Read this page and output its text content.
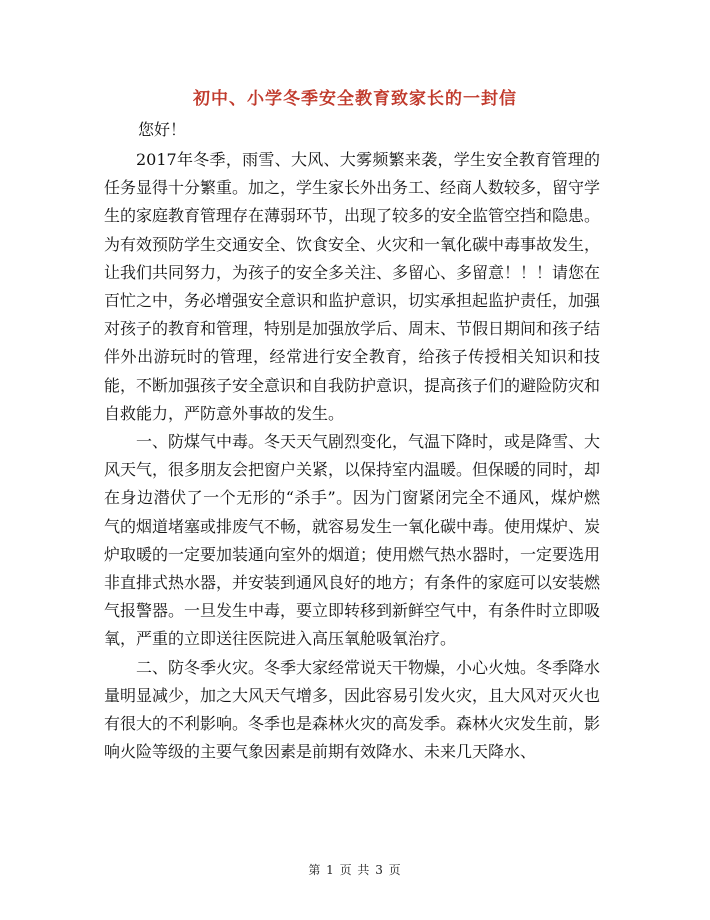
初中、小学冬季安全教育致家长的一封信

您好！

2017年冬季，雨雪、大风、大雾频繁来袭，学生安全教育管理的任务显得十分繁重。加之，学生家长外出务工、经商人数较多，留守学生的家庭教育管理存在薄弱环节，出现了较多的安全监管空挡和隐患。为有效预防学生交通安全、饮食安全、火灾和一氧化碳中毒事故发生，让我们共同努力，为孩子的安全多关注、多留心、多留意！！！请您在百忙之中，务必增强安全意识和监护意识，切实承担起监护责任，加强对孩子的教育和管理，特别是加强放学后、周末、节假日期间和孩子结伴外出游玩时的管理，经常进行安全教育，给孩子传授相关知识和技能，不断加强孩子安全意识和自我防护意识，提高孩子们的避险防灾和自救能力，严防意外事故的发生。

一、防煤气中毒。冬天天气剧烈变化，气温下降时，或是降雪、大风天气，很多朋友会把窗户关紧，以保持室内温暖。但保暖的同时，却在身边潜伏了一个无形的“杀手”。因为门窗紧闭完全不通风，煤炉燃气的烟道堵塞或排废气不畅，就容易发生一氧化碳中毒。使用煤炉、炭炉取暖的一定要加装通向室外的烟道；使用燃气热水器时，一定要选用非直排式热水器，并安装到通风良好的地方；有条件的家庭可以安装燃气报警器。一旦发生中毒，要立即转移到新鲜空气中，有条件时立即吸氧，严重的立即送往医院进入高压氧舱吸氧治疗。

二、防冬季火灾。冬季大家经常说天干物燥，小心火烛。冬季降水量明显减少，加之大风天气增多，因此容易引发火灾，且大风对灭火也有很大的不利影响。冬季也是森林火灾的高发季。森林火灾发生前，影响火险等级的主要气象因素是前期有效降水、未来几天降水、

第 1 页 共 3 页
